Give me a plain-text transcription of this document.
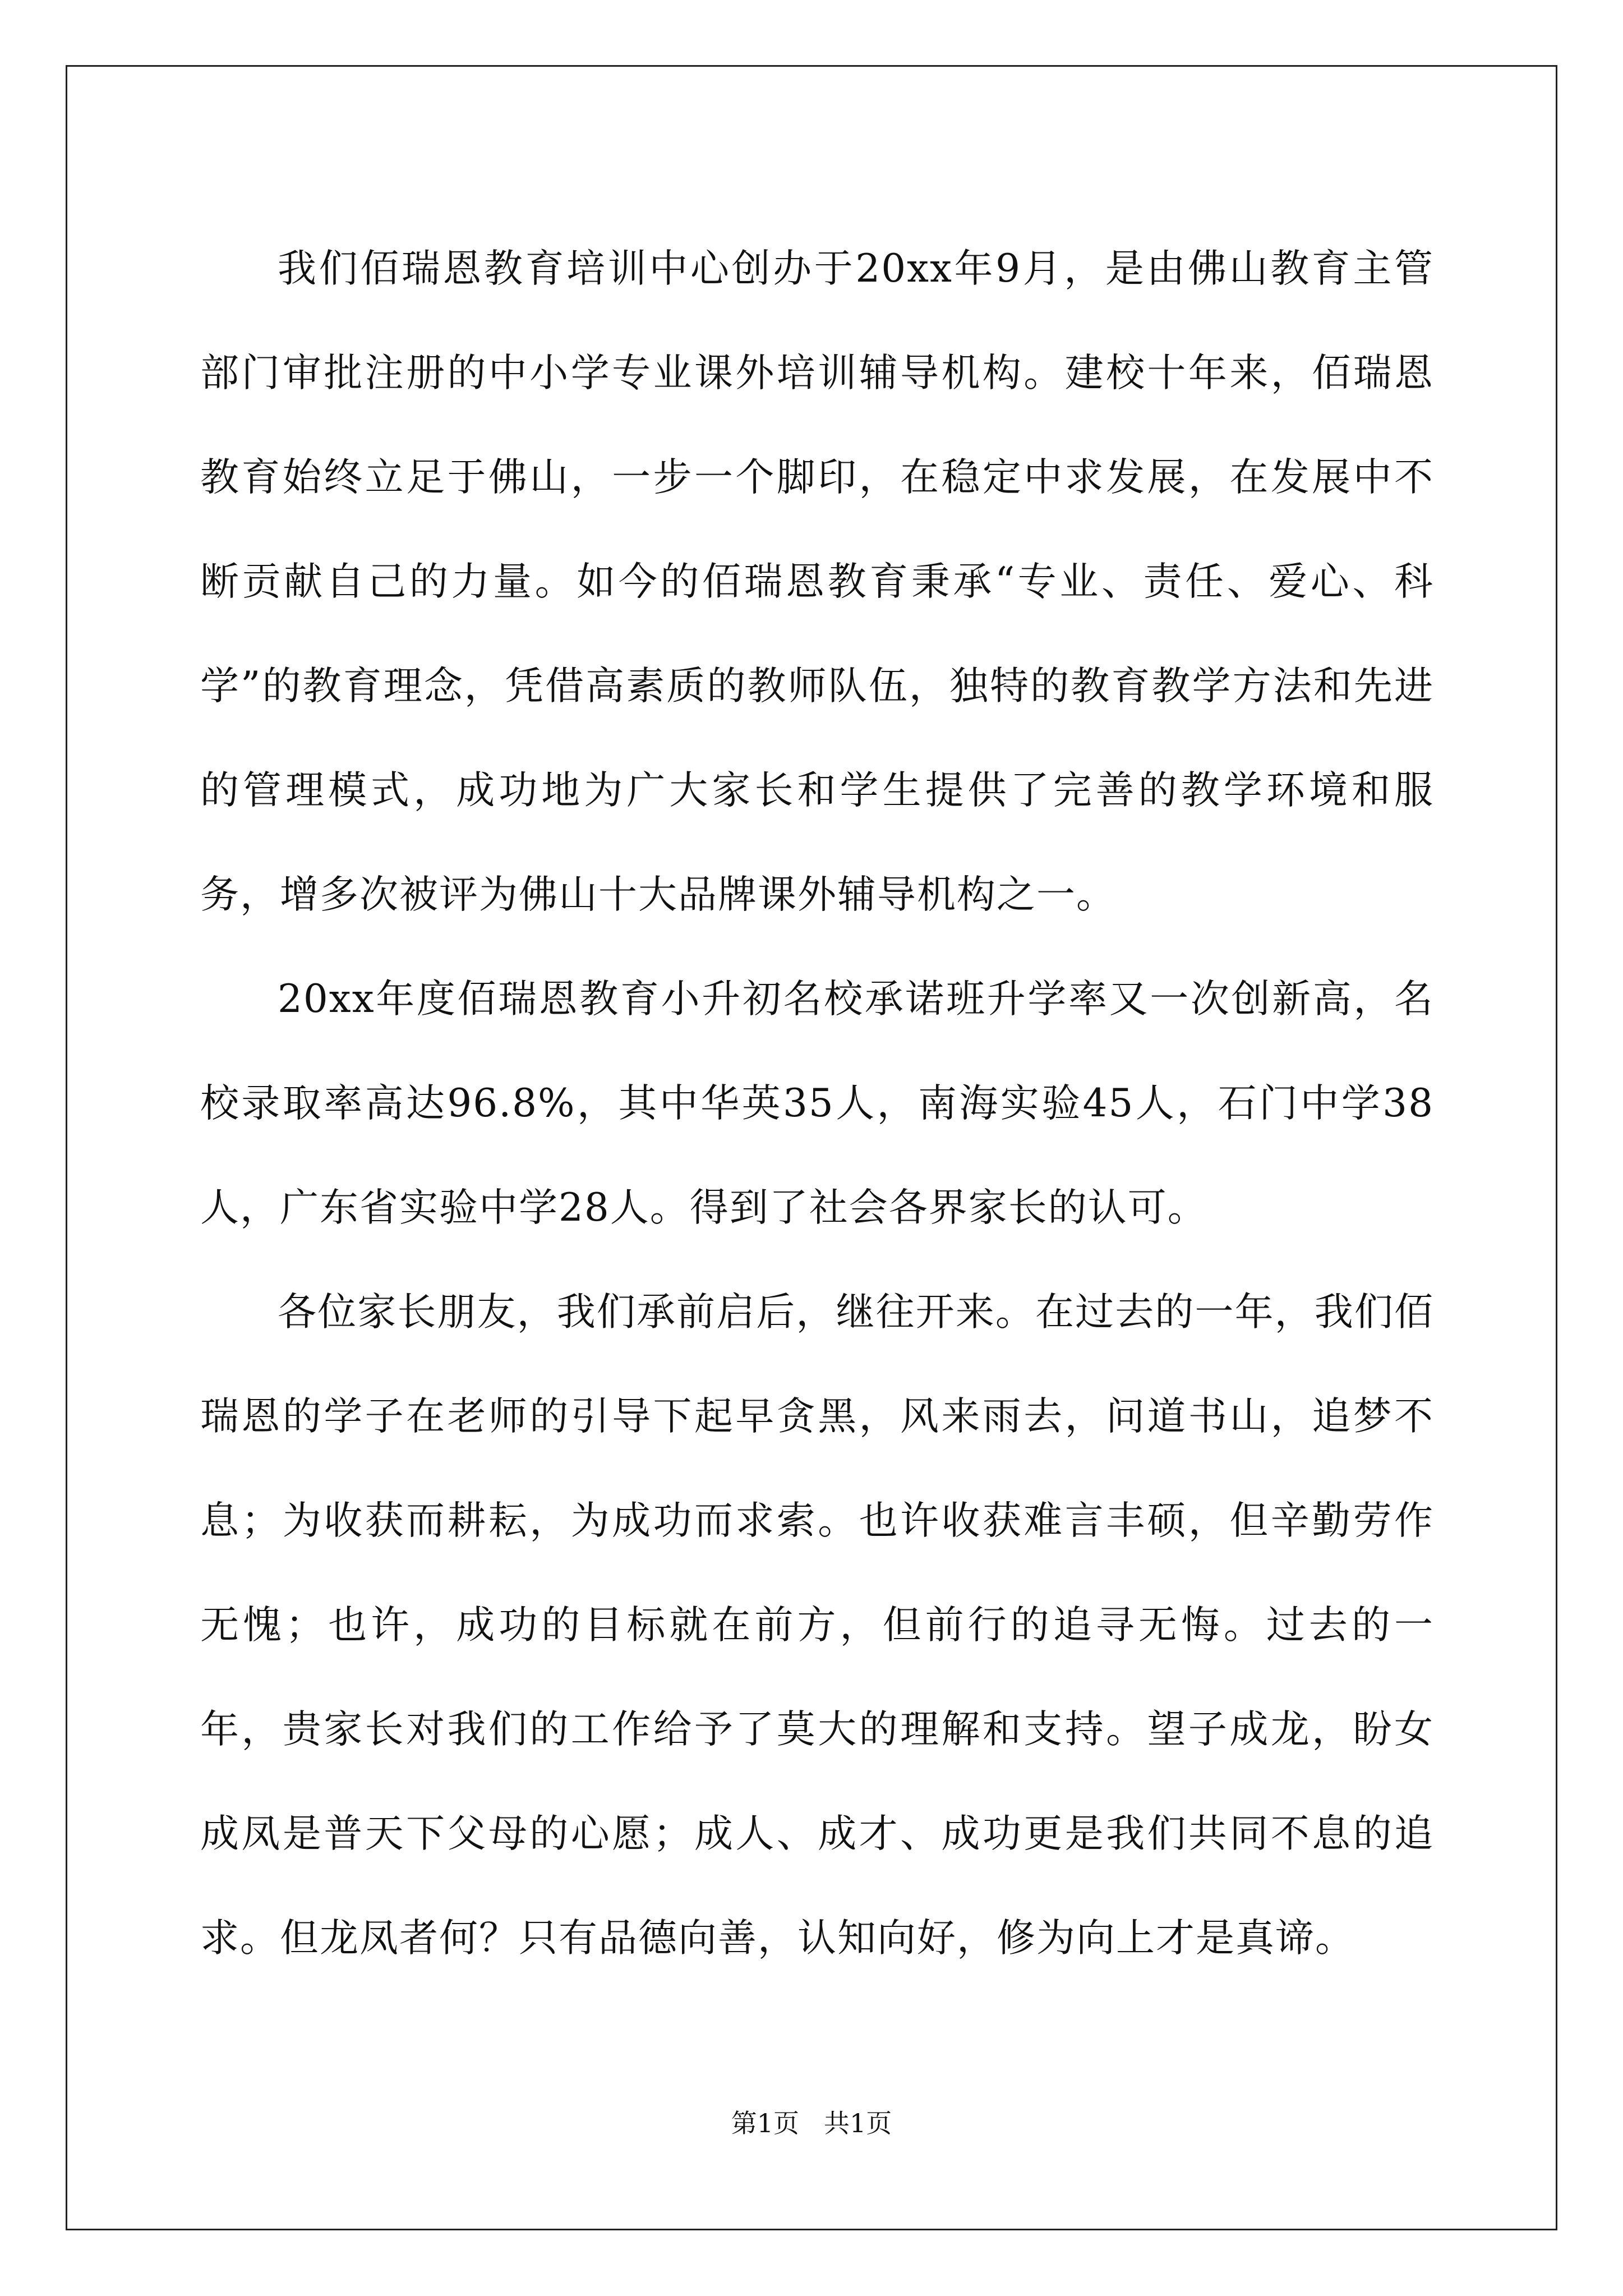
我们佰瑞恩教育培训中心创办于20xx年9月，是由佛山教育主管部门审批注册的中小学专业课外培训辅导机构。建校十年来，佰瑞恩教育始终立足于佛山，一步一个脚印，在稳定中求发展，在发展中不断贡献自己的力量。如今的佰瑞恩教育秉承“专业、责任、爱心、科学”的教育理念，凭借高素质的教师队伍，独特的教育教学方法和先进的管理模式，成功地为广大家长和学生提供了完善的教学环境和服务，增多次被评为佛山十大品牌课外辅导机构之一。

20xx年度佰瑞恩教育小升初名校承诺班升学率又一次创新高，名校录取率高达96.8%，其中华英35人，南海实验45人，石门中学38人，广东省实验中学28人。得到了社会各界家长的认可。

各位家长朋友，我们承前启后，继往开来。在过去的一年，我们佰瑞恩的学子在老师的引导下起早贪黑，风来雨去，问道书山，追梦不息；为收获而耕耘，为成功而求索。也许收获难言丰硕，但辛勤劳作无愧；也许，成功的目标就在前方，但前行的追寻无悔。过去的一年，贵家长对我们的工作给予了莫大的理解和支持。望子成龙，盼女成凤是普天下父母的心愿；成人、成才、成功更是我们共同不息的追求。但龙凤者何？只有品德向善，认知向好，修为向上才是真谛。

第1页 共1页
